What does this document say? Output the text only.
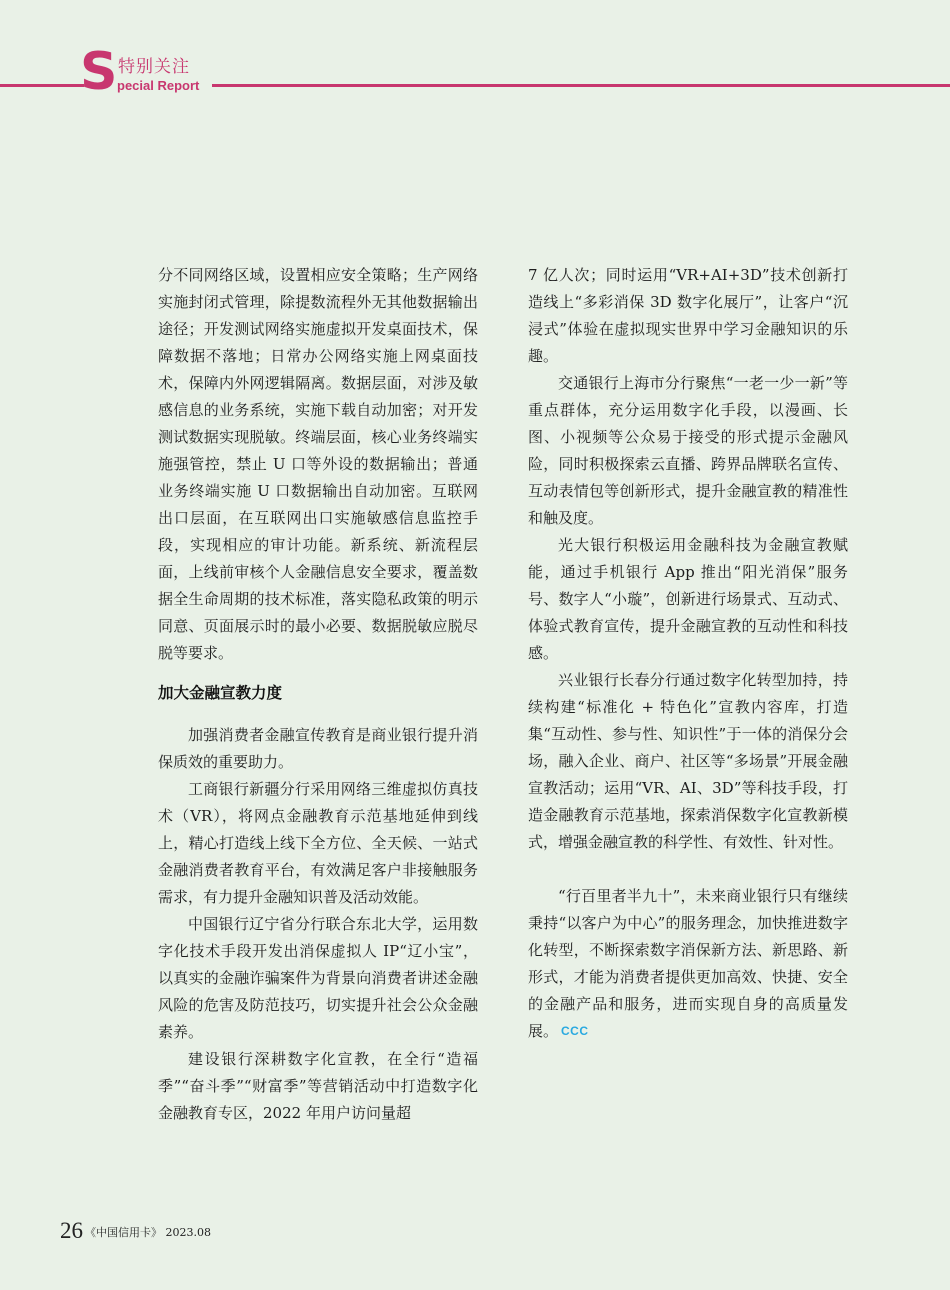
S 特别关注
pecial Report

分不同网络区域，设置相应安全策略；生产网络实施封闭式管理，除提数流程外无其他数据输出途径；开发测试网络实施虚拟开发桌面技术，保障数据不落地；日常办公网络实施上网桌面技术，保障内外网逻辑隔离。数据层面，对涉及敏感信息的业务系统，实施下载自动加密；对开发测试数据实现脱敏。终端层面，核心业务终端实施强管控，禁止 U 口等外设的数据输出；普通业务终端实施 U 口数据输出自动加密。互联网出口层面，在互联网出口实施敏感信息监控手段，实现相应的审计功能。新系统、新流程层面，上线前审核个人金融信息安全要求，覆盖数据全生命周期的技术标准，落实隐私政策的明示同意、页面展示时的最小必要、数据脱敏应脱尽脱等要求。

加大金融宣教力度

加强消费者金融宣传教育是商业银行提升消保质效的重要助力。

工商银行新疆分行采用网络三维虚拟仿真技术（VR），将网点金融教育示范基地延伸到线上，精心打造线上线下全方位、全天候、一站式金融消费者教育平台，有效满足客户非接触服务需求，有力提升金融知识普及活动效能。

中国银行辽宁省分行联合东北大学，运用数字化技术手段开发出消保虚拟人 IP“辽小宝”，以真实的金融诈骗案件为背景向消费者讲述金融风险的危害及防范技巧，切实提升社会公众金融素养。

建设银行深耕数字化宣教，在全行“造福季”“奋斗季”“财富季”等营销活动中打造数字化金融教育专区，2022 年用户访问量超

7 亿人次；同时运用“VR+AI+3D”技术创新打造线上“多彩消保 3D 数字化展厅”，让客户“沉浸式”体验在虚拟现实世界中学习金融知识的乐趣。

交通银行上海市分行聚焦“一老一少一新”等重点群体，充分运用数字化手段，以漫画、长图、小视频等公众易于接受的形式提示金融风险，同时积极探索云直播、跨界品牌联名宣传、互动表情包等创新形式，提升金融宣教的精准性和触及度。

光大银行积极运用金融科技为金融宣教赋能，通过手机银行 App 推出“阳光消保”服务号、数字人“小璇”，创新进行场景式、互动式、体验式教育宣传，提升金融宣教的互动性和科技感。

兴业银行长春分行通过数字化转型加持，持续构建“标准化 + 特色化”宣教内容库，打造集“互动性、参与性、知识性”于一体的消保分会场，融入企业、商户、社区等“多场景”开展金融宣教活动；运用“VR、AI、3D”等科技手段，打造金融教育示范基地，探索消保数字化宣教新模式，增强金融宣教的科学性、有效性、针对性。

“行百里者半九十”，未来商业银行只有继续秉持“以客户为中心”的服务理念，加快推进数字化转型，不断探索数字消保新方法、新思路、新形式，才能为消费者提供更加高效、快捷、安全的金融产品和服务，进而实现自身的高质量发展。 CCC

26 《中国信用卡》 2023.08
